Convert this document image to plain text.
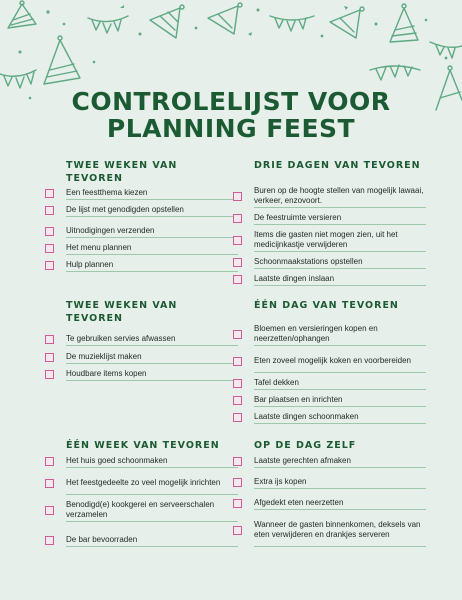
CONTROLELIJST VOOR
PLANNING FEEST
TWEE WEKEN VAN TEVOREN
Een feestthema kiezen
De lijst met genodigden opstellen
Uitnodigingen verzenden
Het menu plannen
Hulp plannen
DRIE DAGEN VAN TEVOREN
Buren op de hoogte stellen van mogelijk lawaai, verkeer, enzovoort.
De feestruimte versieren
Items die gasten niet mogen zien, uit het medicijnkastje verwijderen
Schoonmaakstations opstellen
Laatste dingen inslaan
TWEE WEKEN VAN TEVOREN
Te gebruiken servies afwassen
De muzieklijst maken
Houdbare items kopen
ÉÉN DAG VAN TEVOREN
Bloemen en versieringen kopen en neerzetten/ophangen
Eten zoveel mogelijk koken en voorbereiden
Tafel dekken
Bar plaatsen en inrichten
Laatste dingen schoonmaken
ÉÉN WEEK VAN TEVOREN
Het huis goed schoonmaken
Het feestgedeelte zo veel mogelijk inrichten
Benodigd(e) kookgerei en serveerschalen verzamelen
De bar bevoorraden
OP DE DAG ZELF
Laatste gerechten afmaken
Extra ijs kopen
Afgedekt eten neerzetten
Wanneer de gasten binnenkomen, deksels van eten verwijderen en drankjes serveren
